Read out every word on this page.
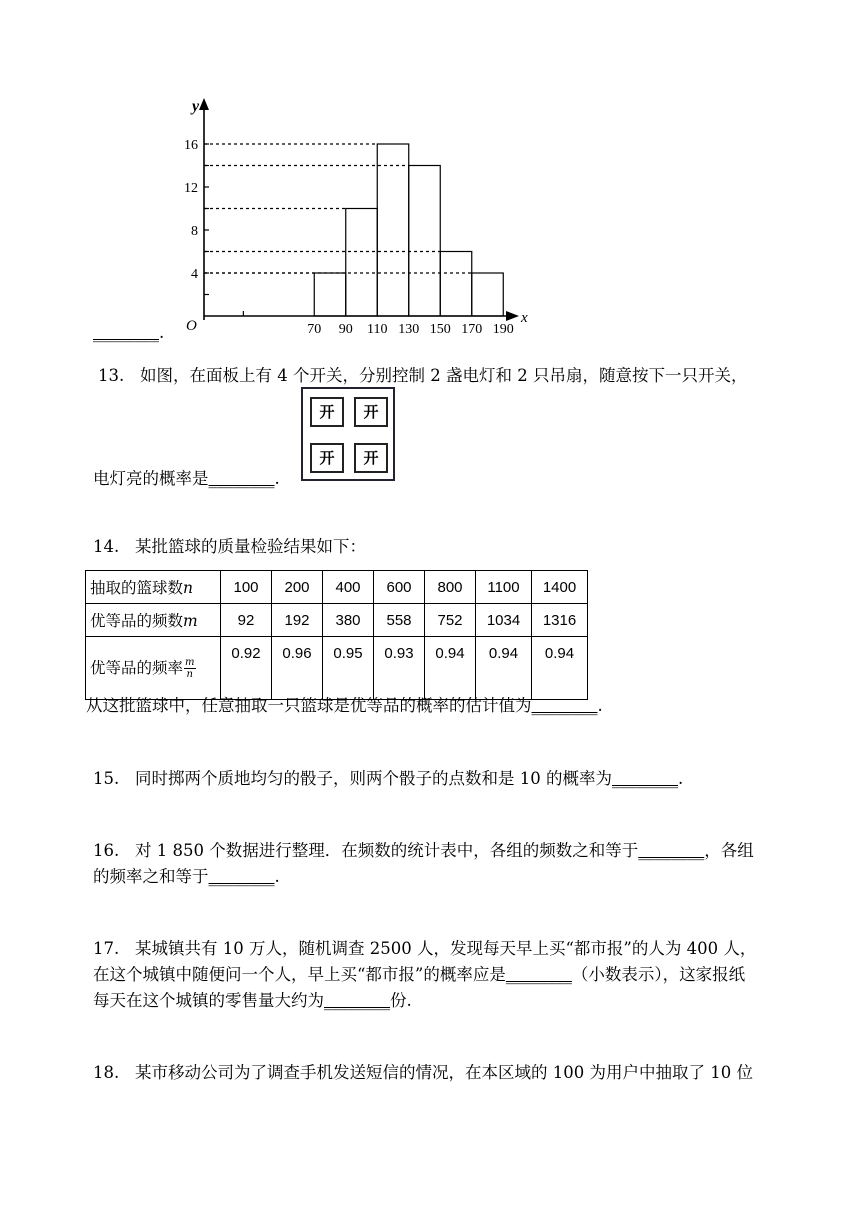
y
x
O
4
8
12
16
70 90 110 130 150 170 190
________.
13. 如图，在面板上有 4 个开关，分别控制 2 盏电灯和 2 只吊扇，随意按下一只开关，
电灯亮的概率是________.
开	开
开	开
14. 某批篮球的质量检验结果如下：
抽取的篮球数n	100	200	400	600	800	1100	1400
优等品的频数m	92	192	380	558	752	1034	1316
优等品的频率 $\frac{m}{n}$	0.92	0.96	0.95	0.93	0.94	0.94	0.94
从这批篮球中，任意抽取一只篮球是优等品的概率的估计值为________.
15. 同时掷两个质地均匀的骰子，则两个骰子的点数和是 10 的概率为________.
16. 对 1 850 个数据进行整理．在频数的统计表中，各组的频数之和等于________，各组
的频率之和等于________.
17. 某城镇共有 10 万人，随机调查 2500 人，发现每天早上买“都市报”的人为 400 人，
在这个城镇中随便问一个人，早上买“都市报”的概率应是________（小数表示），这家报纸
每天在这个城镇的零售量大约为________份.
18. 某市移动公司为了调查手机发送短信的情况，在本区域的 100 为用户中抽取了 10 位
